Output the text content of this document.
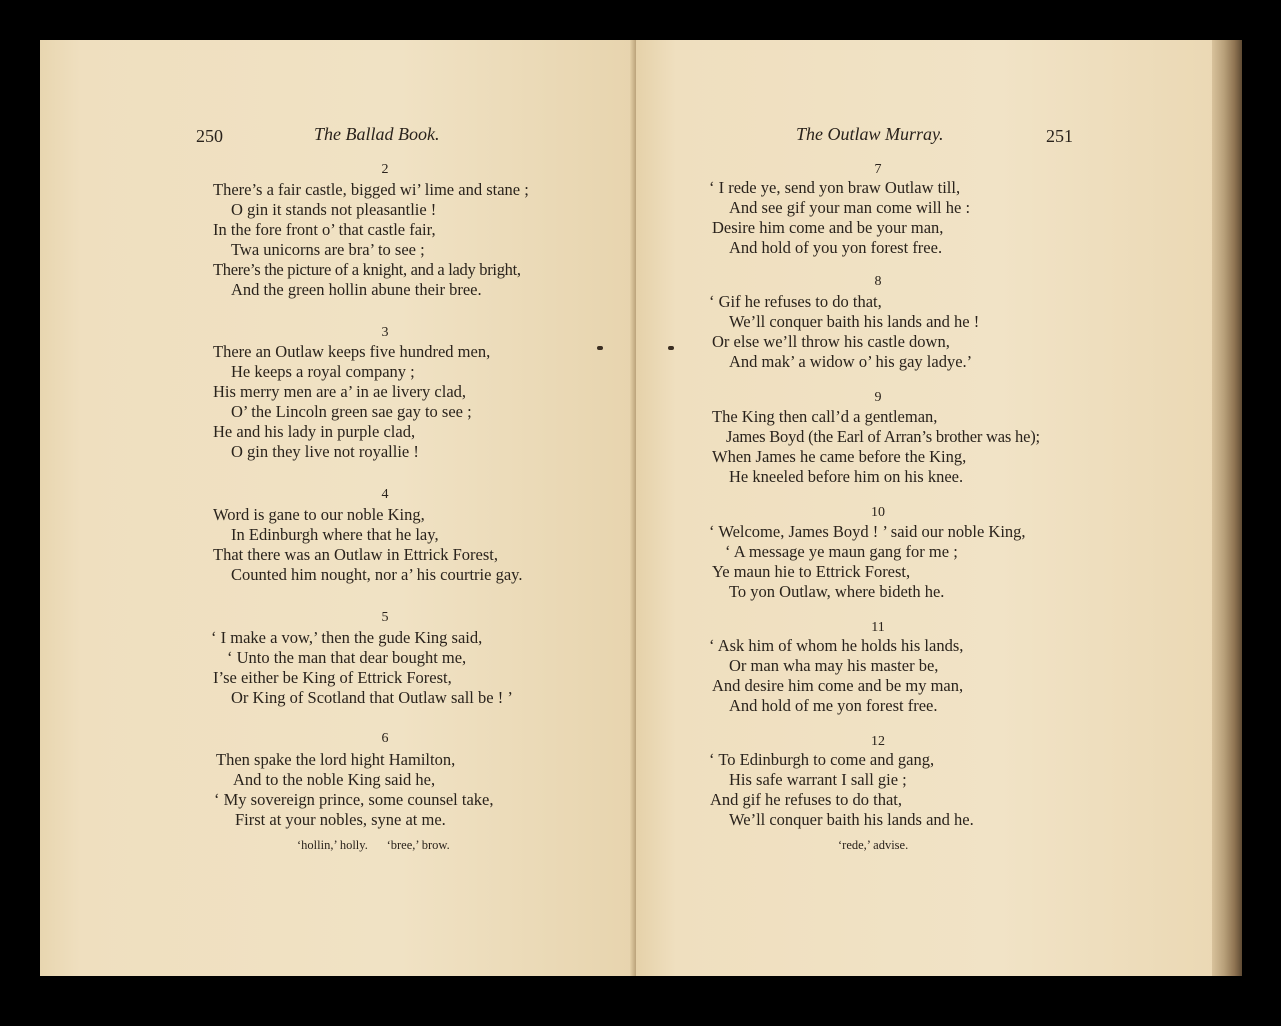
250	The Ballad Book.
2
There’s a fair castle, bigged wi’ lime and stane ;
O gin it stands not pleasantlie !
In the fore front o’ that castle fair,
Twa unicorns are bra’ to see ;
There’s the picture of a knight, and a lady bright,
And the green hollin abune their bree.
3
There an Outlaw keeps five hundred men,
He keeps a royal company ;
His merry men are a’ in ae livery clad,
O’ the Lincoln green sae gay to see ;
He and his lady in purple clad,
O gin they live not royallie !
4
Word is gane to our noble King,
In Edinburgh where that he lay,
That there was an Outlaw in Ettrick Forest,
Counted him nought, nor a’ his courtrie gay.
5
‘ I make a vow,’ then the gude King said,
‘ Unto the man that dear bought me,
I’se either be King of Ettrick Forest,
Or King of Scotland that Outlaw sall be ! ’
6
Then spake the lord hight Hamilton,
And to the noble King said he,
‘ My sovereign prince, some counsel take,
First at your nobles, syne at me.
‘hollin,’ holly.      ‘bree,’ brow.
The Outlaw Murray.	251
7
‘ I rede ye, send yon braw Outlaw till,
And see gif your man come will he :
Desire him come and be your man,
And hold of you yon forest free.
8
‘ Gif he refuses to do that,
We’ll conquer baith his lands and he !
Or else we’ll throw his castle down,
And mak’ a widow o’ his gay ladye.’
9
The King then call’d a gentleman,
James Boyd (the Earl of Arran’s brother was he);
When James he came before the King,
He kneeled before him on his knee.
10
‘ Welcome, James Boyd ! ’ said our noble King,
‘ A message ye maun gang for me ;
Ye maun hie to Ettrick Forest,
To yon Outlaw, where bideth he.
11
‘ Ask him of whom he holds his lands,
Or man wha may his master be,
And desire him come and be my man,
And hold of me yon forest free.
12
‘ To Edinburgh to come and gang,
His safe warrant I sall gie ;
And gif he refuses to do that,
We’ll conquer baith his lands and he.
‘rede,’ advise.
